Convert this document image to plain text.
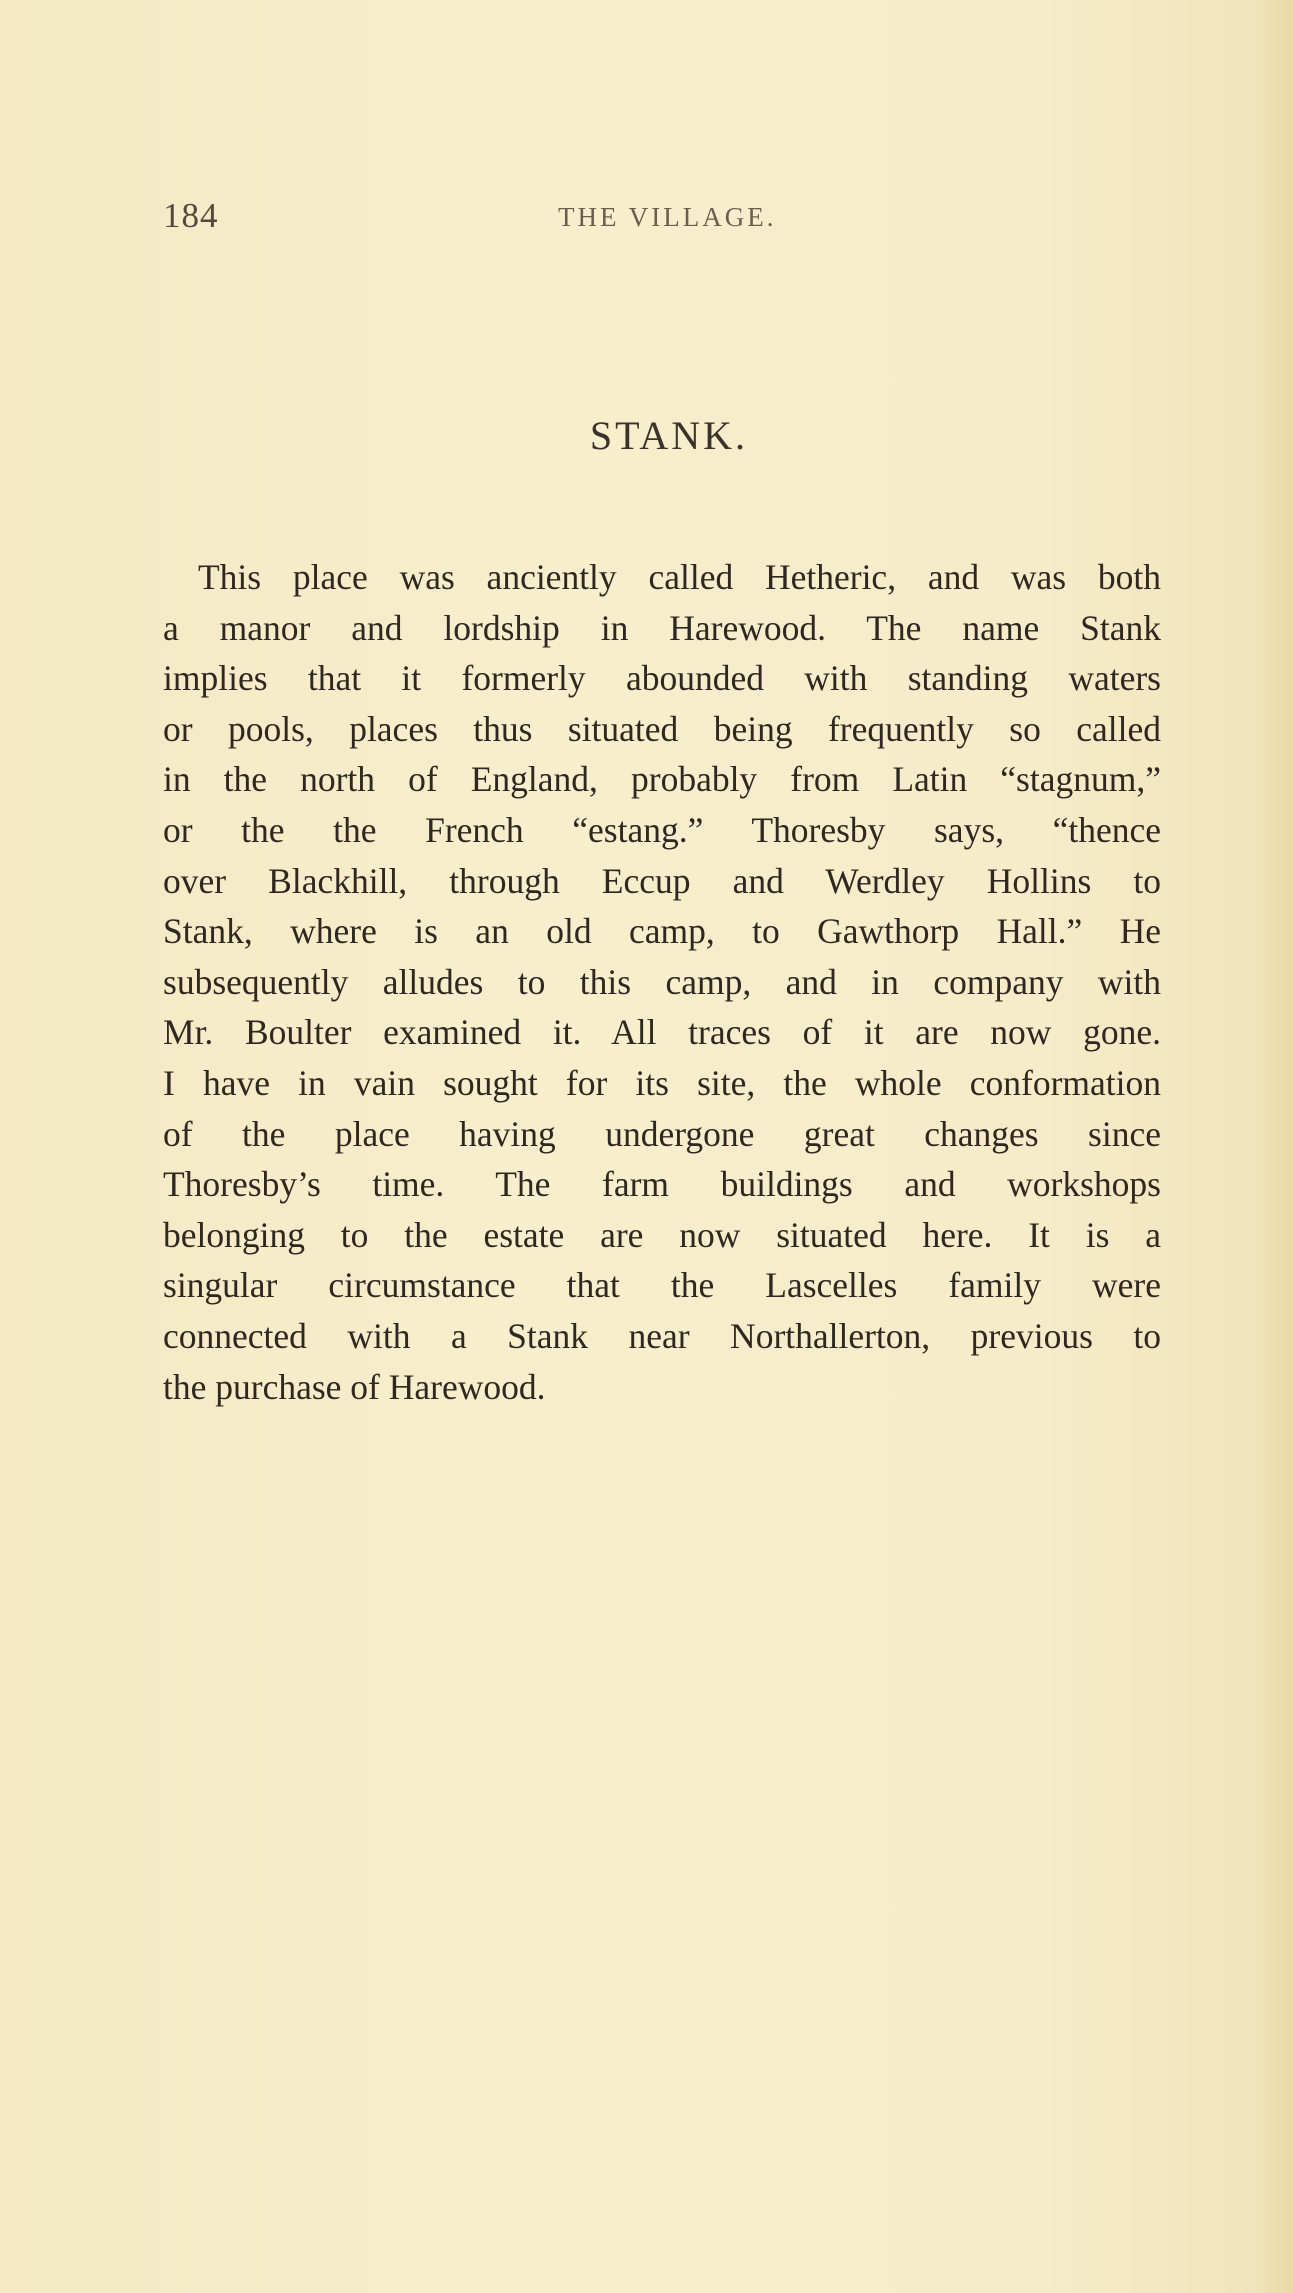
184	THE VILLAGE.
STANK.
This place was anciently called Hetheric, and was both
a manor and lordship in Harewood. The name Stank
implies that it formerly abounded with standing waters
or pools, places thus situated being frequently so called
in the north of England, probably from Latin “stagnum,”
or the the French “estang.” Thoresby says, “thence
over Blackhill, through Eccup and Werdley Hollins to
Stank, where is an old camp, to Gawthorp Hall.” He
subsequently alludes to this camp, and in company with
Mr. Boulter examined it. All traces of it are now gone.
I have in vain sought for its site, the whole conformation
of the place having undergone great changes since
Thoresby’s time. The farm buildings and workshops
belonging to the estate are now situated here. It is a
singular circumstance that the Lascelles family were
connected with a Stank near Northallerton, previous to
the purchase of Harewood.
